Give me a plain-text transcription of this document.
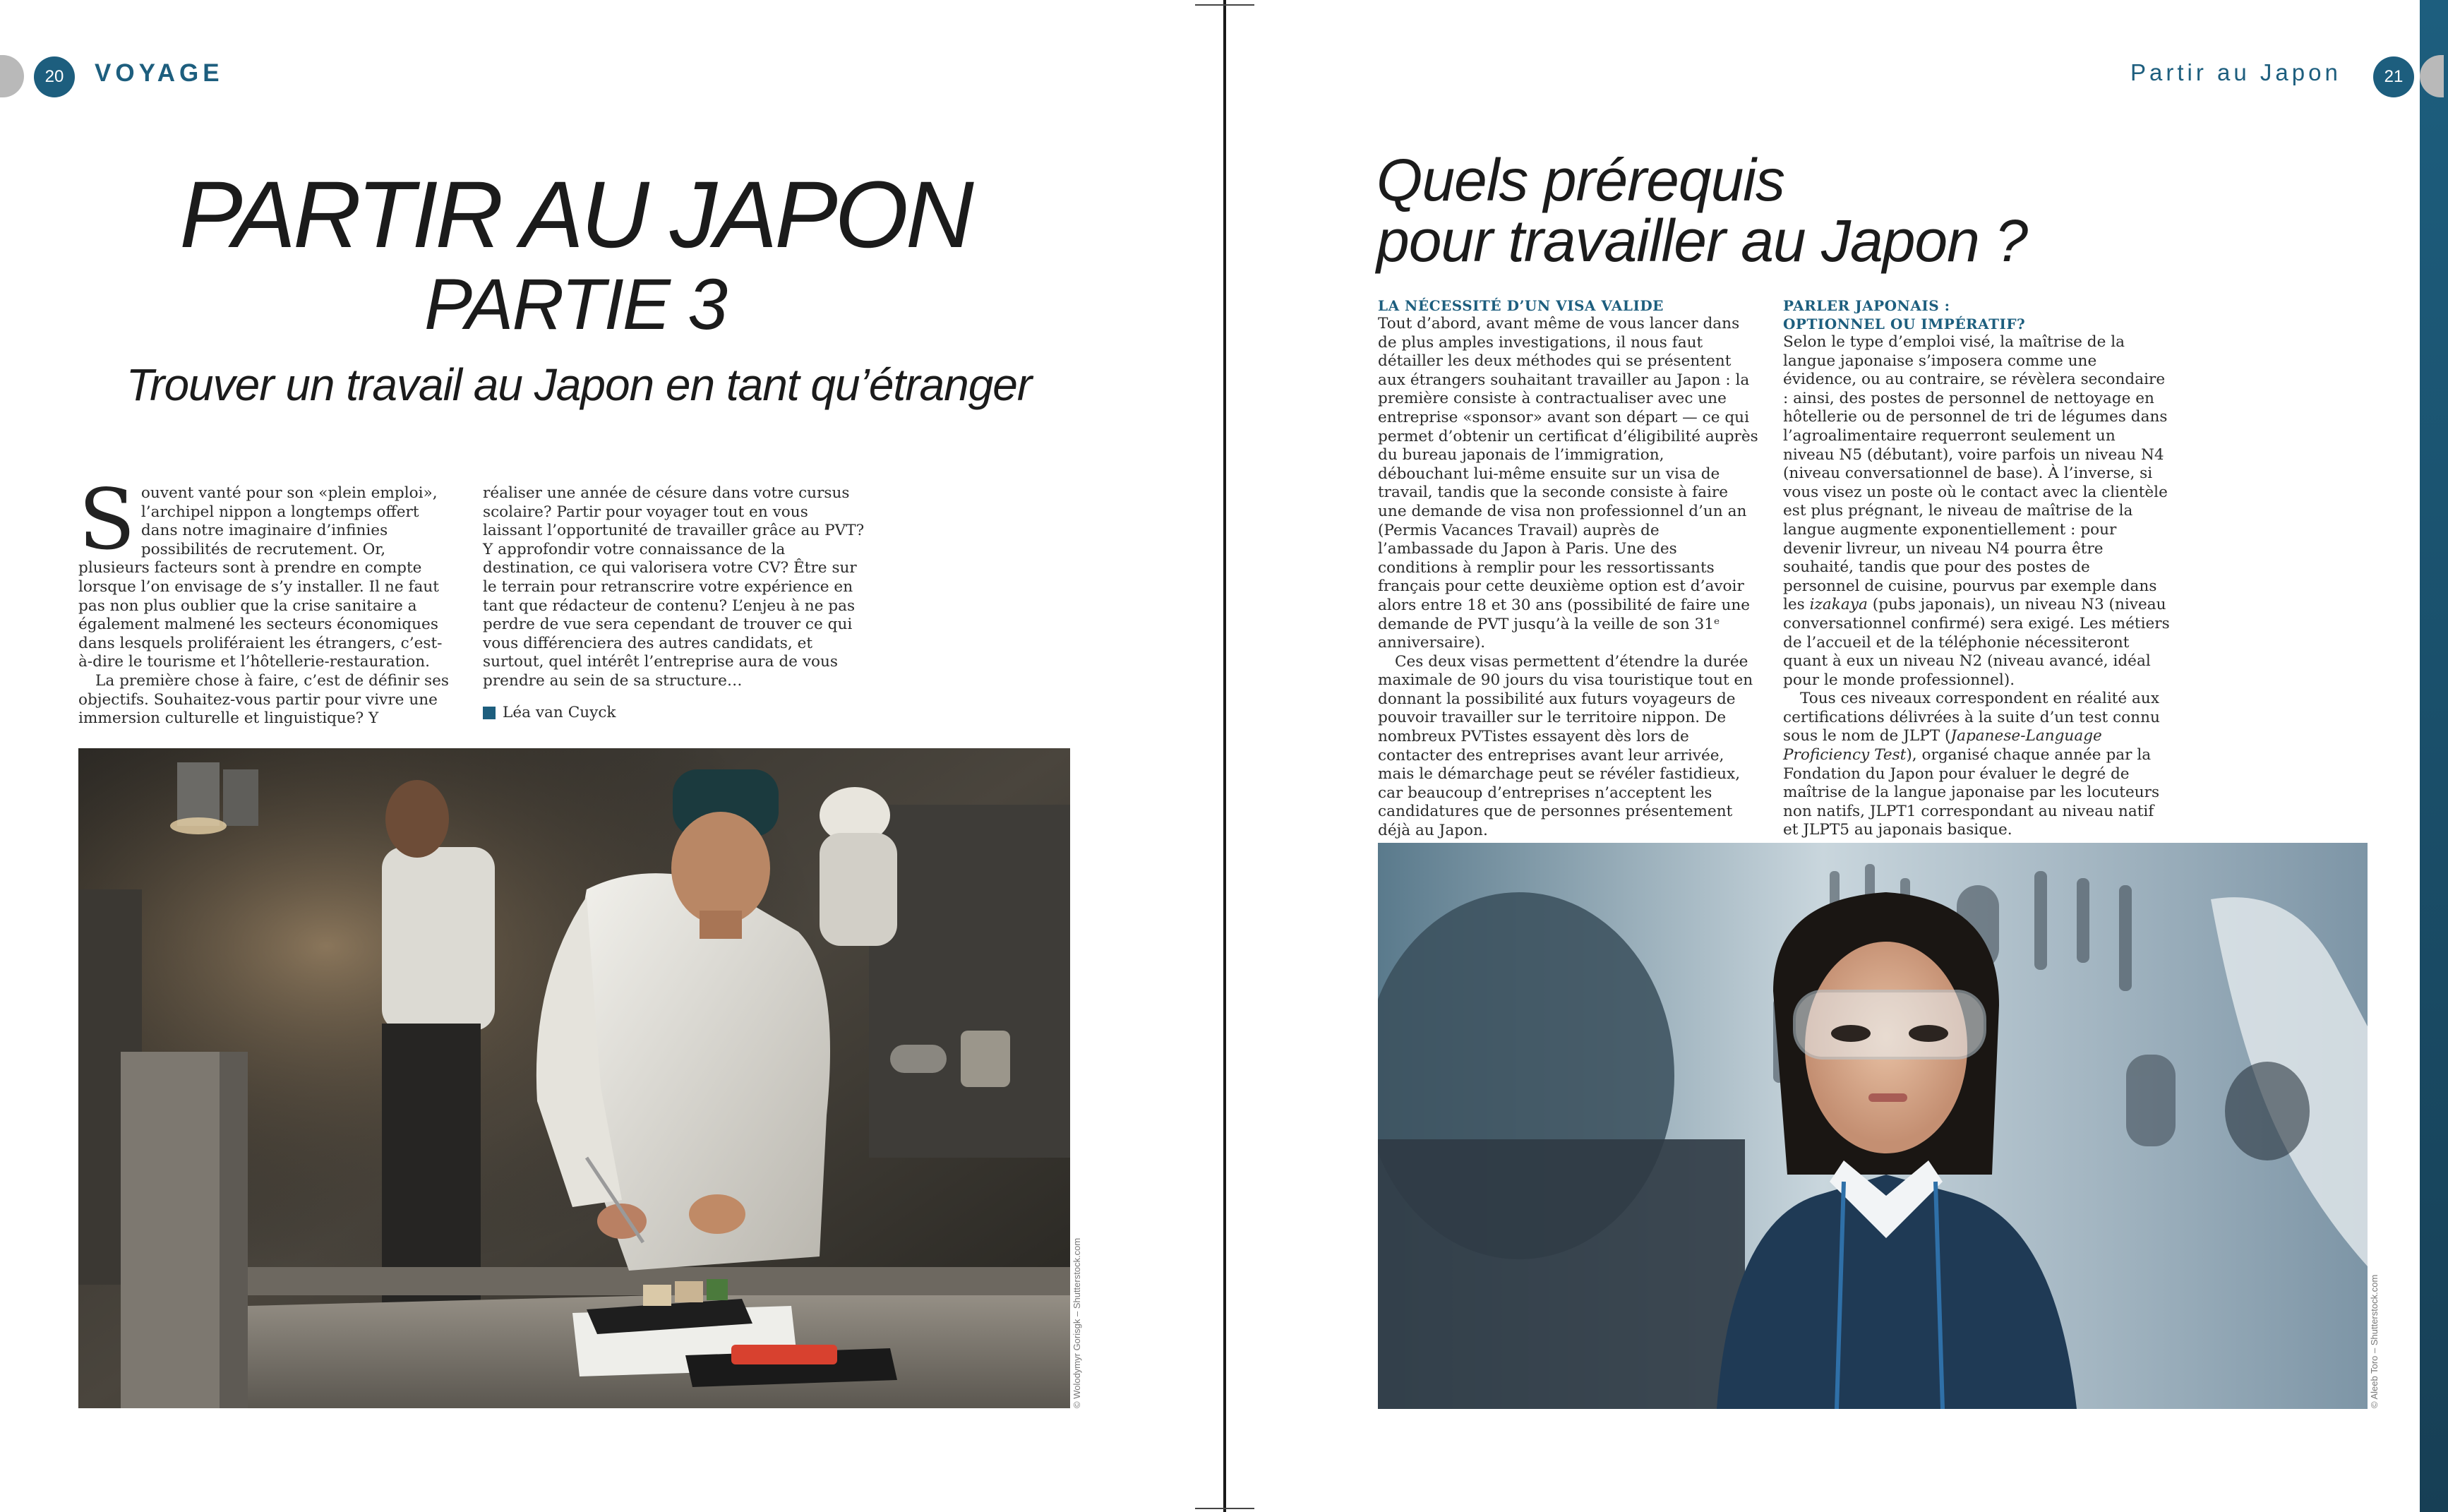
20	VOYAGE
PARTIR AU JAPON
PARTIE 3
Trouver un travail au Japon en tant qu’étranger

Souvent vanté pour son «plein emploi», l’archipel nippon a longtemps offert dans notre imaginaire d’infinies possibilités de recrutement. Or, plusieurs facteurs sont à prendre en compte lorsque l’on envisage de s’y installer. Il ne faut pas non plus oublier que la crise sanitaire a également malmené les secteurs économiques dans lesquels proliféraient les étrangers, c’est-à-dire le tourisme et l’hôtellerie-restauration.

La première chose à faire, c’est de définir ses objectifs. Souhaitez-vous partir pour vivre une immersion culturelle et linguistique? Y

réaliser une année de césure dans votre cursus scolaire? Partir pour voyager tout en vous laissant l’opportunité de travailler grâce au PVT? Y approfondir votre connaissance de la destination, ce qui valorisera votre CV? Être sur le terrain pour retranscrire votre expérience en tant que rédacteur de contenu? L’enjeu à ne pas perdre de vue sera cependant de trouver ce qui vous différenciera des autres candidats, et surtout, quel intérêt l’entreprise aura de vous prendre au sein de sa structure…

Léa van Cuyck
© Wolodymyr Gorisgk – Shutterstock.com
Partir au Japon	21
Quels prérequis
pour travailler au Japon ?
LA NÉCESSITÉ D’UN VISA VALIDE

Tout d’abord, avant même de vous lancer dans de plus amples investigations, il nous faut détailler les deux méthodes qui se présentent aux étrangers souhaitant travailler au Japon : la première consiste à contractualiser avec une entreprise «sponsor» avant son départ — ce qui permet d’obtenir un certificat d’éligibilité auprès du bureau japonais de l’immigration, débouchant lui-même ensuite sur un visa de travail, tandis que la seconde consiste à faire une demande de visa non professionnel d’un an (Permis Vacances Travail) auprès de l’ambassade du Japon à Paris. Une des conditions à remplir pour les ressortissants français pour cette deuxième option est d’avoir alors entre 18 et 30 ans (possibilité de faire une demande de PVT jusqu’à la veille de son 31ᵉ anniversaire).

Ces deux visas permettent d’étendre la durée maximale de 90 jours du visa touristique tout en donnant la possibilité aux futurs voyageurs de pouvoir travailler sur le territoire nippon. De nombreux PVTistes essayent dès lors de contacter des entreprises avant leur arrivée, mais le démarchage peut se révéler fastidieux, car beaucoup d’entreprises n’acceptent les candidatures que de personnes présentement déjà au Japon.

PARLER JAPONAIS :
OPTIONNEL OU IMPÉRATIF?

Selon le type d’emploi visé, la maîtrise de la langue japonaise s’imposera comme une évidence, ou au contraire, se révèlera secondaire : ainsi, des postes de personnel de nettoyage en hôtellerie ou de personnel de tri de légumes dans l’agroalimentaire requerront seulement un niveau N5 (débutant), voire parfois un niveau N4 (niveau conversationnel de base). À l’inverse, si vous visez un poste où le contact avec la clientèle est plus prégnant, le niveau de maîtrise de la langue augmente exponentiellement : pour devenir livreur, un niveau N4 pourra être souhaité, tandis que pour des postes de personnel de cuisine, pourvus par exemple dans les izakaya (pubs japonais), un niveau N3 (niveau conversationnel confirmé) sera exigé. Les métiers de l’accueil et de la téléphonie nécessiteront quant à eux un niveau N2 (niveau avancé, idéal pour le monde professionnel).

Tous ces niveaux correspondent en réalité aux certifications délivrées à la suite d’un test connu sous le nom de JLPT (Japanese-Language Proficiency Test), organisé chaque année par la Fondation du Japon pour évaluer le degré de maîtrise de la langue japonaise par les locuteurs non natifs, JLPT1 correspondant au niveau natif et JLPT5 au japonais basique.

© Aleeb Toro – Shutterstock.com
